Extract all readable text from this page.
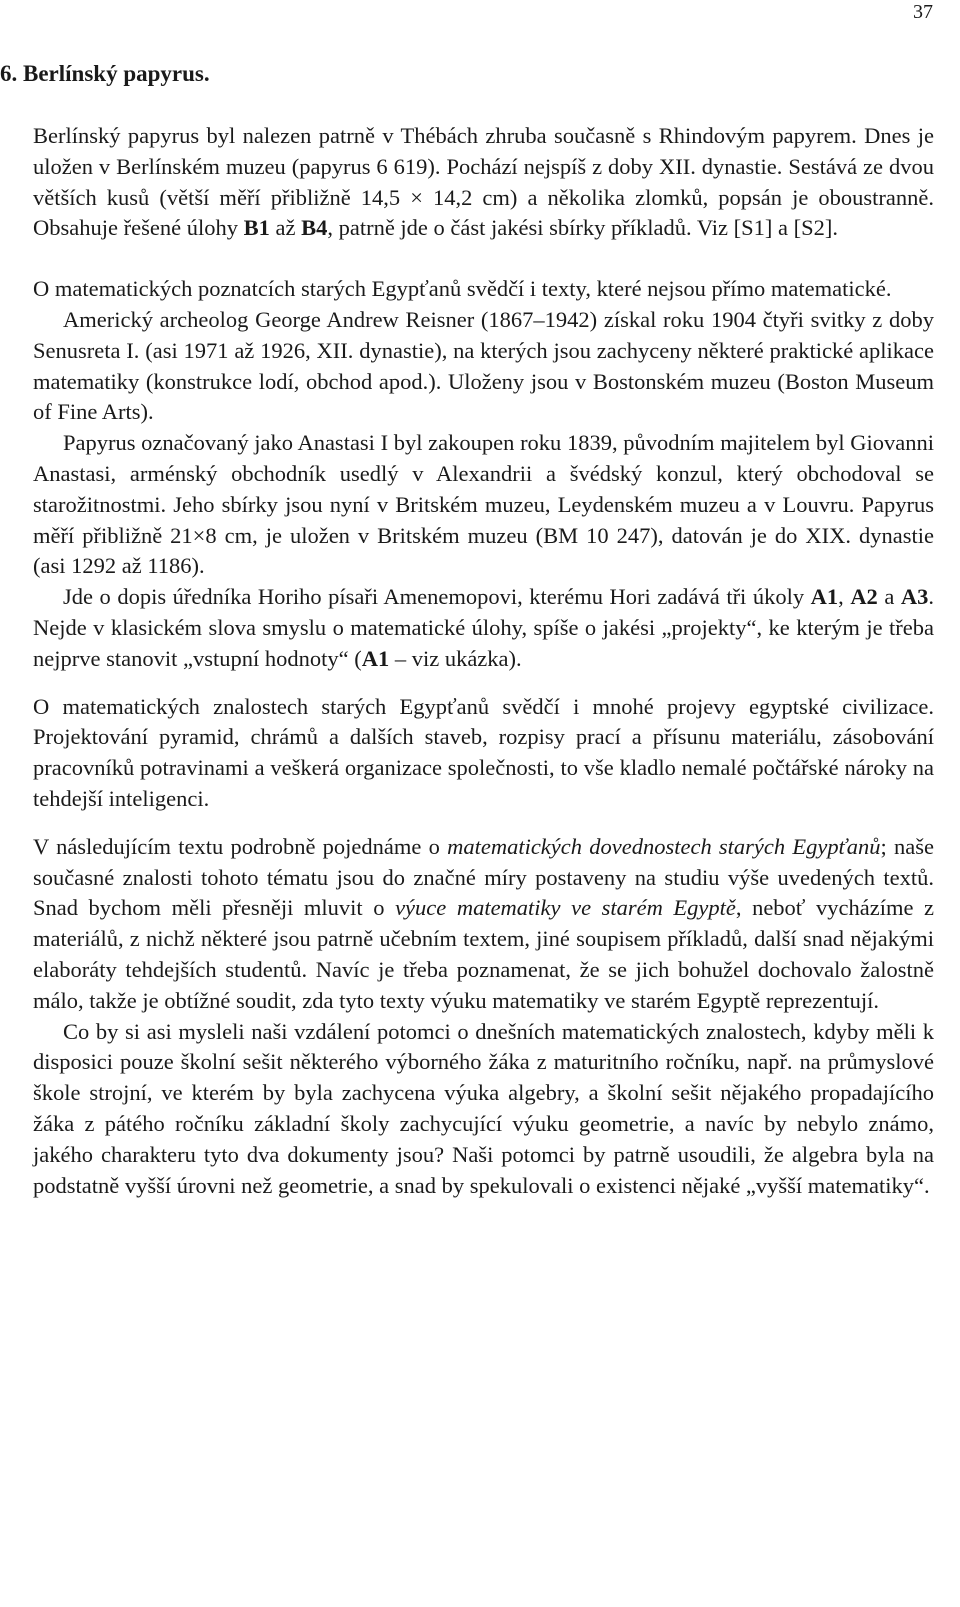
37
6. Berlínský papyrus.

Berlínský papyrus byl nalezen patrně v Thébách zhruba současně s Rhindovým papyrem. Dnes je uložen v Berlínském muzeu (papyrus 6 619). Pochází nejspíš z doby XII. dynastie. Sestává ze dvou větších kusů (větší měří přibližně 14,5 × 14,2 cm) a několika zlomků, popsán je oboustranně. Obsahuje řešené úlohy B1 až B4, patrně jde o část jakési sbírky příkladů. Viz [S1] a [S2].

O matematických poznatcích starých Egypťanů svědčí i texty, které nejsou přímo matematické.

Americký archeolog George Andrew Reisner (1867–1942) získal roku 1904 čtyři svitky z doby Senusreta I. (asi 1971 až 1926, XII. dynastie), na kterých jsou zachyceny některé praktické aplikace matematiky (konstrukce lodí, obchod apod.). Uloženy jsou v Bostonském muzeu (Boston Museum of Fine Arts).

Papyrus označovaný jako Anastasi I byl zakoupen roku 1839, původním majitelem byl Giovanni Anastasi, arménský obchodník usedlý v Alexandrii a švédský konzul, který obchodoval se starožitnostmi. Jeho sbírky jsou nyní v Britském muzeu, Leydenském muzeu a v Louvru. Papyrus měří přibližně 21×8 cm, je uložen v Britském muzeu (BM 10 247), datován je do XIX. dynastie (asi 1292 až 1186).

Jde o dopis úředníka Horiho písaři Amenemopovi, kterému Hori zadává tři úkoly A1, A2 a A3. Nejde v klasickém slova smyslu o matematické úlohy, spíše o jakési „projekty“, ke kterým je třeba nejprve stanovit „vstupní hodnoty“ (A1 – viz ukázka).

O matematických znalostech starých Egypťanů svědčí i mnohé projevy egyptské civilizace. Projektování pyramid, chrámů a dalších staveb, rozpisy prací a přísunu materiálu, zásobování pracovníků potravinami a veškerá organizace společnosti, to vše kladlo nemalé počtářské nároky na tehdejší inteligenci.

V následujícím textu podrobně pojednáme o matematických dovednostech starých Egypťanů; naše současné znalosti tohoto tématu jsou do značné míry postaveny na studiu výše uvedených textů. Snad bychom měli přesněji mluvit o výuce matematiky ve starém Egyptě, neboť vycházíme z materiálů, z nichž některé jsou patrně učebním textem, jiné soupisem příkladů, další snad nějakými elaboráty tehdejších studentů. Navíc je třeba poznamenat, že se jich bohužel dochovalo žalostně málo, takže je obtížné soudit, zda tyto texty výuku matematiky ve starém Egyptě reprezentují.

Co by si asi mysleli naši vzdálení potomci o dnešních matematických znalostech, kdyby měli k disposici pouze školní sešit některého výborného žáka z maturitního ročníku, např. na průmyslové škole strojní, ve kterém by byla zachycena výuka algebry, a školní sešit nějakého propadajícího žáka z pátého ročníku základní školy zachycující výuku geometrie, a navíc by nebylo známo, jakého charakteru tyto dva dokumenty jsou? Naši potomci by patrně usoudili, že algebra byla na podstatně vyšší úrovni než geometrie, a snad by spekulovali o existenci nějaké „vyšší matematiky“.
